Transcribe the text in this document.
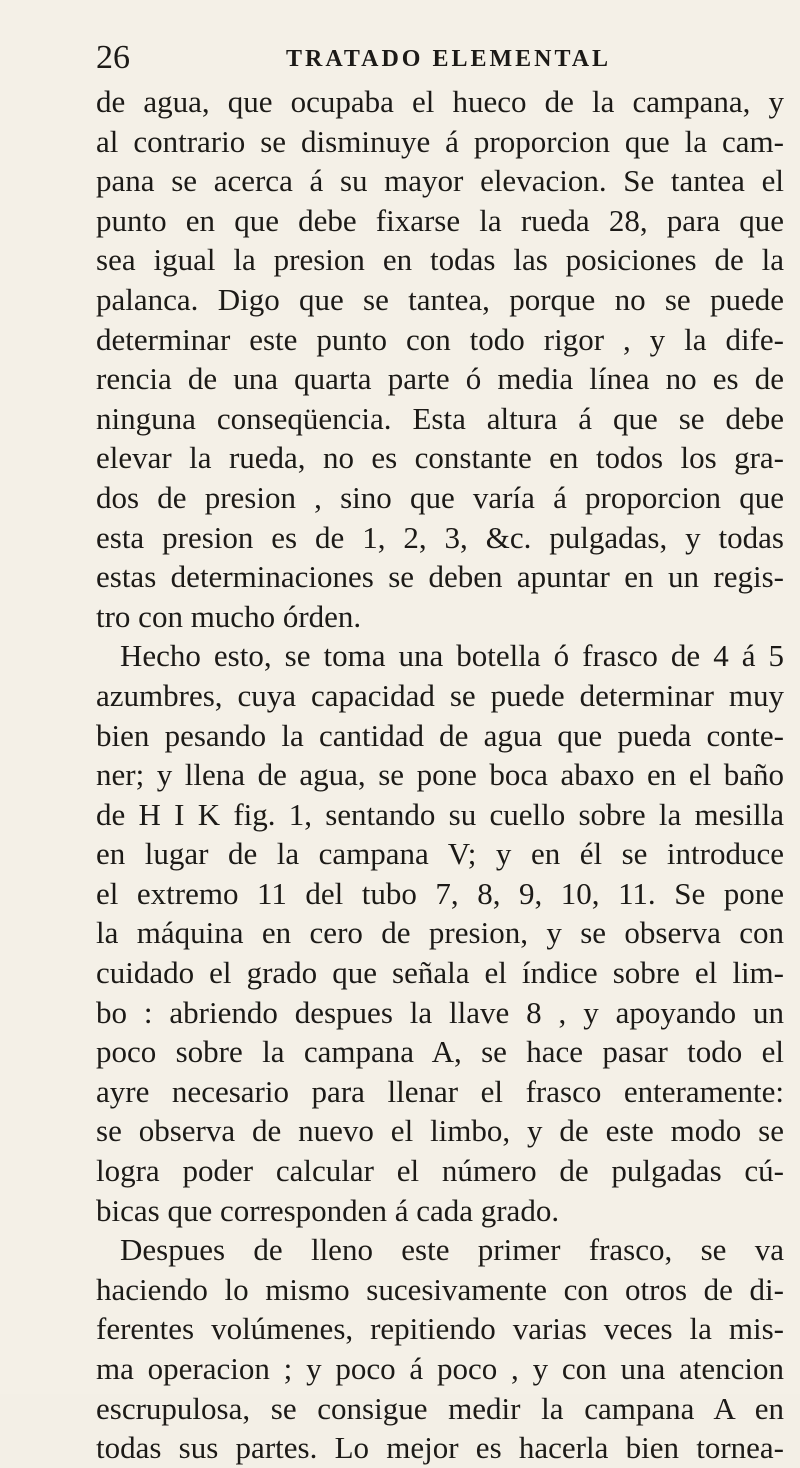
26	TRATADO ELEMENTAL
de agua, que ocupaba el hueco de la campana, y
al contrario se disminuye á proporcion que la cam-
pana se acerca á su mayor elevacion. Se tantea el
punto en que debe fixarse la rueda 28, para que
sea igual la presion en todas las posiciones de la
palanca. Digo que se tantea, porque no se puede
determinar este punto con todo rigor , y la dife-
rencia de una quarta parte ó media línea no es de
ninguna conseqüencia. Esta altura á que se debe
elevar la rueda, no es constante en todos los gra-
dos de presion , sino que varía á proporcion que
esta presion es de 1, 2, 3, &c. pulgadas, y todas
estas determinaciones se deben apuntar en un regis-
tro con mucho órden.
Hecho esto, se toma una botella ó frasco de 4 á 5
azumbres, cuya capacidad se puede determinar muy
bien pesando la cantidad de agua que pueda conte-
ner; y llena de agua, se pone boca abaxo en el baño
de H I K fig. 1, sentando su cuello sobre la mesilla
en lugar de la campana V; y en él se introduce
el extremo 11 del tubo 7, 8, 9, 10, 11. Se pone
la máquina en cero de presion, y se observa con
cuidado el grado que señala el índice sobre el lim-
bo : abriendo despues la llave 8 , y apoyando un
poco sobre la campana A, se hace pasar todo el
ayre necesario para llenar el frasco enteramente:
se observa de nuevo el limbo, y de este modo se
logra poder calcular el número de pulgadas cú-
bicas que corresponden á cada grado.
Despues de lleno este primer frasco, se va
haciendo lo mismo sucesivamente con otros de di-
ferentes volúmenes, repitiendo varias veces la mis-
ma operacion ; y poco á poco , y con una atencion
escrupulosa, se consigue medir la campana A en
todas sus partes. Lo mejor es hacerla bien tornea-
